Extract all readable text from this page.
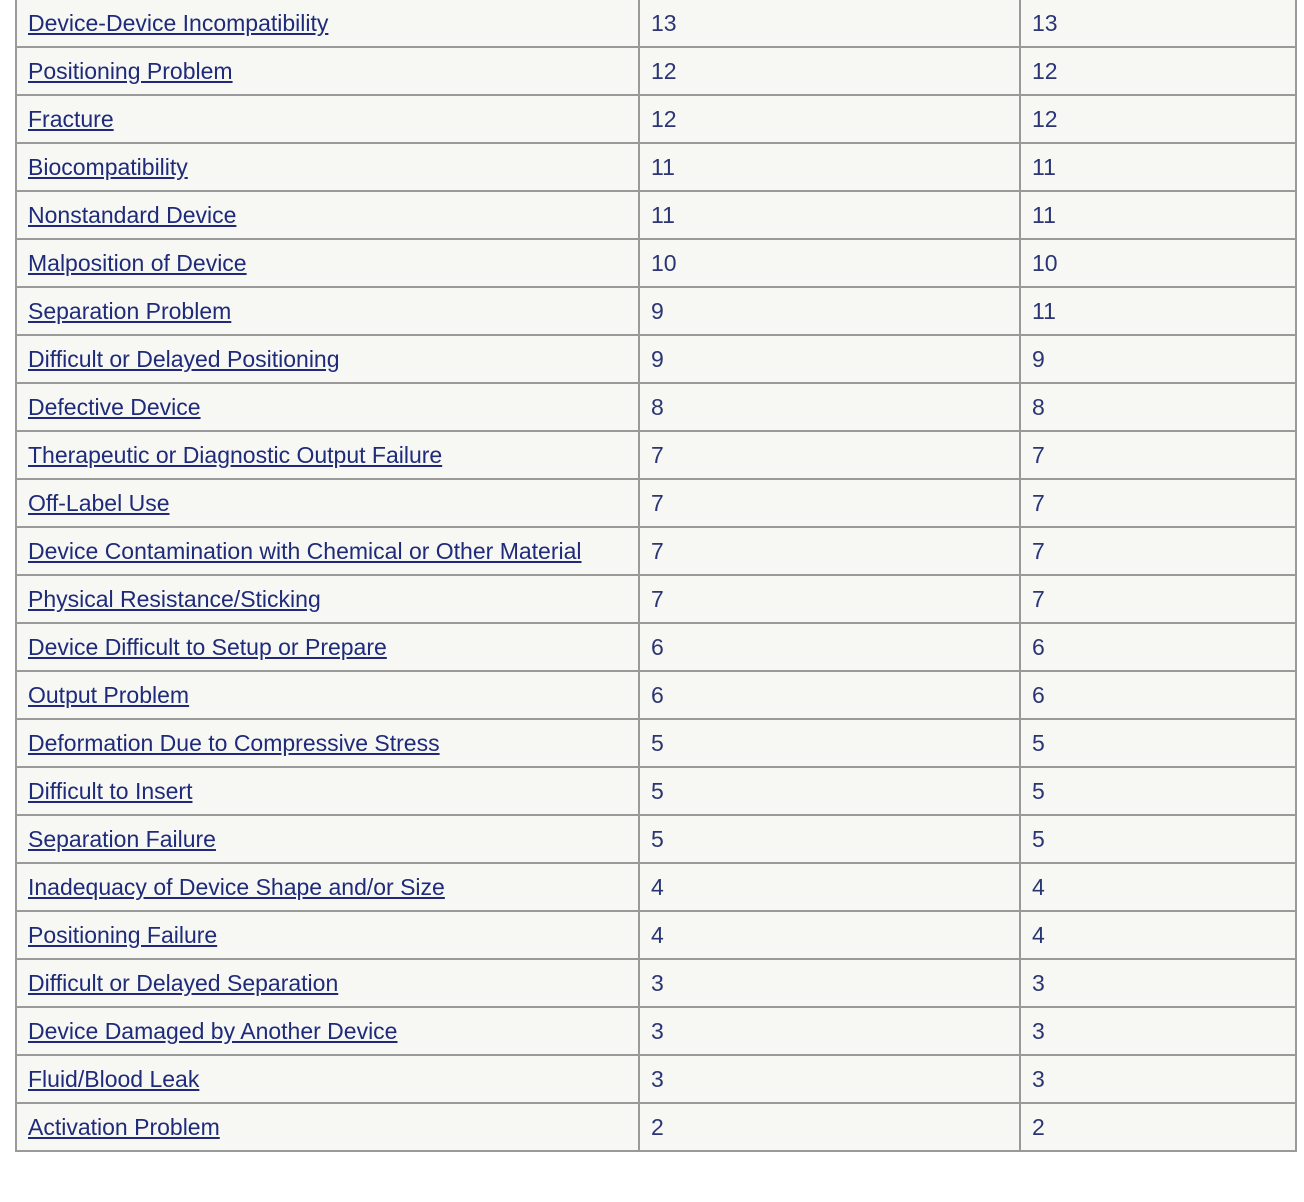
Device-Device Incompatibility	13	13
Positioning Problem	12	12
Fracture	12	12
Biocompatibility	11	11
Nonstandard Device	11	11
Malposition of Device	10	10
Separation Problem	9	11
Difficult or Delayed Positioning	9	9
Defective Device	8	8
Therapeutic or Diagnostic Output Failure	7	7
Off-Label Use	7	7
Device Contamination with Chemical or Other Material	7	7
Physical Resistance/Sticking	7	7
Device Difficult to Setup or Prepare	6	6
Output Problem	6	6
Deformation Due to Compressive Stress	5	5
Difficult to Insert	5	5
Separation Failure	5	5
Inadequacy of Device Shape and/or Size	4	4
Positioning Failure	4	4
Difficult or Delayed Separation	3	3
Device Damaged by Another Device	3	3
Fluid/Blood Leak	3	3
Activation Problem	2	2
